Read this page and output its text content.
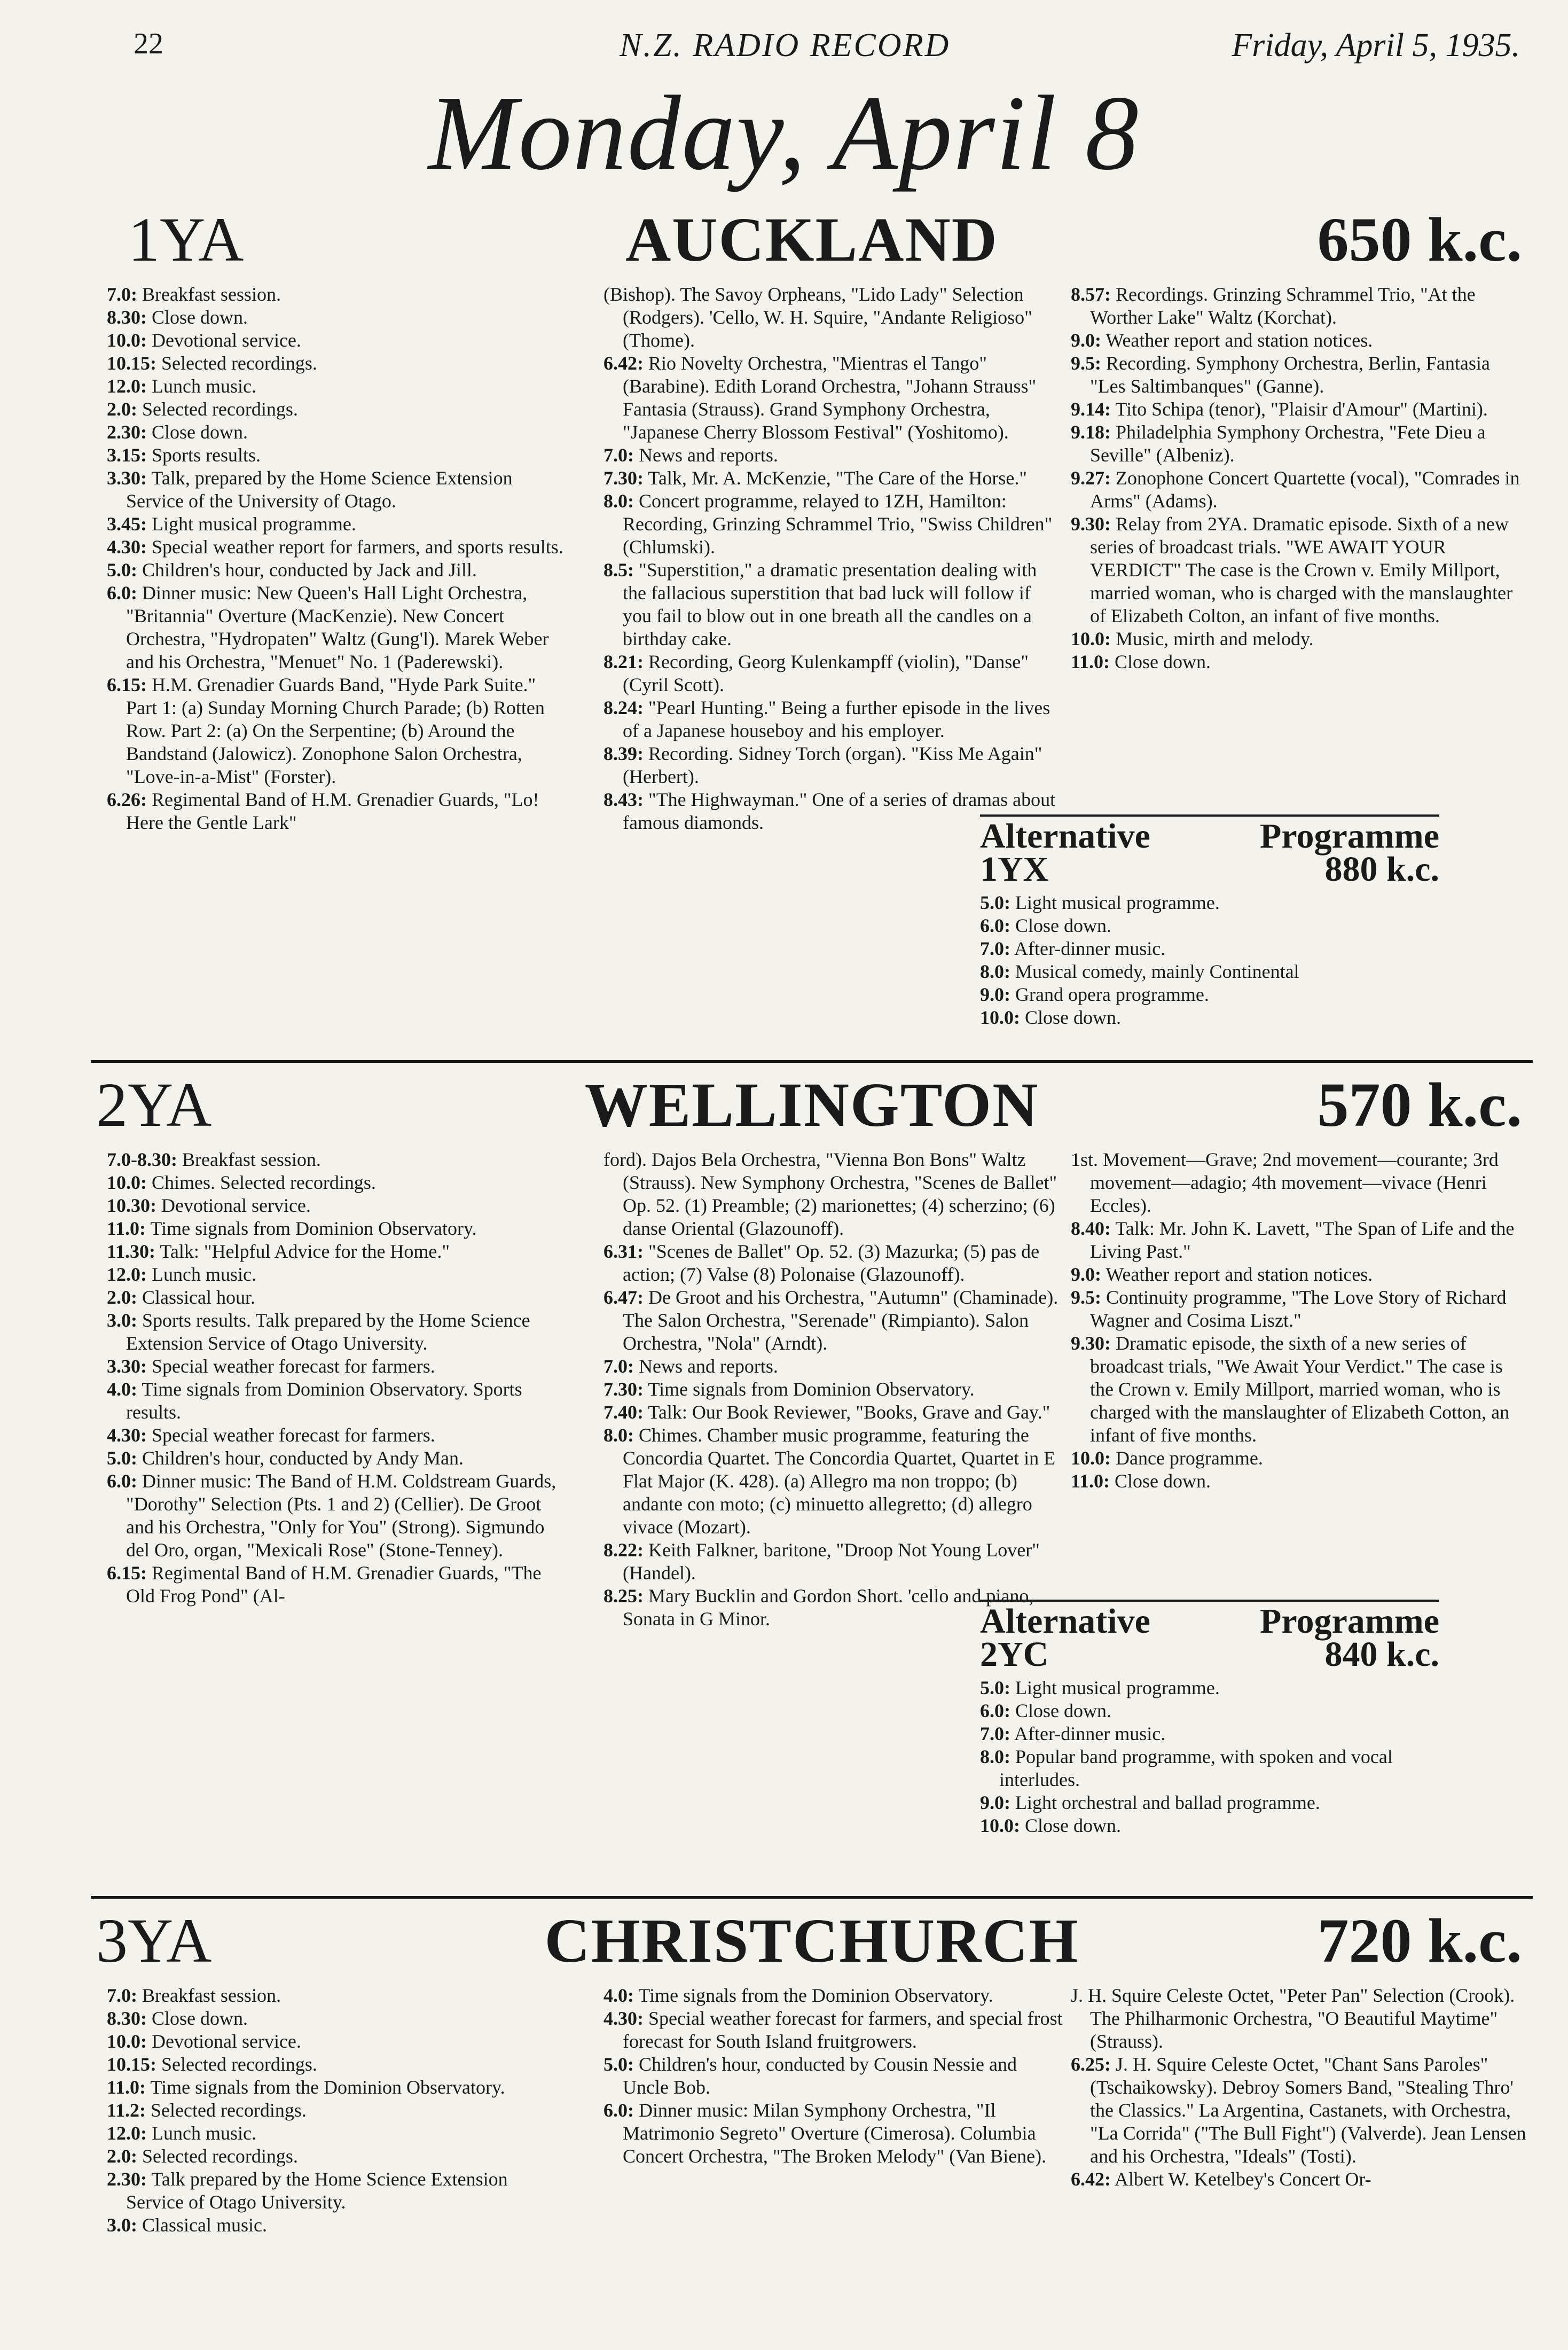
22	N.Z. RADIO RECORD	Friday, April 5, 1935.
Monday, April 8
1YA	AUCKLAND	650 k.c.

7.0: Breakfast session.

8.30: Close down.

10.0: Devotional service.

10.15: Selected recordings.

12.0: Lunch music.

2.0: Selected recordings.

2.30: Close down.

3.15: Sports results.

3.30: Talk, prepared by the Home Science Extension Service of the University of Otago.

3.45: Light musical programme.

4.30: Special weather report for farmers, and sports results.

5.0: Children's hour, conducted by Jack and Jill.

6.0: Dinner music: New Queen's Hall Light Orchestra, "Britannia" Overture (MacKenzie). New Concert Orchestra, "Hydropaten" Waltz (Gung'l). Marek Weber and his Orchestra, "Menuet" No. 1 (Paderewski).

6.15: H.M. Grenadier Guards Band, "Hyde Park Suite." Part 1: (a) Sunday Morning Church Parade; (b) Rotten Row. Part 2: (a) On the Serpentine; (b) Around the Bandstand (Jalowicz). Zonophone Salon Orchestra, "Love-in-a-Mist" (Forster).

6.26: Regimental Band of H.M. Grenadier Guards, "Lo! Here the Gentle Lark"

(Bishop). The Savoy Orpheans, "Lido Lady" Selection (Rodgers). 'Cello, W. H. Squire, "Andante Religioso" (Thome).

6.42: Rio Novelty Orchestra, "Mientras el Tango" (Barabine). Edith Lorand Orchestra, "Johann Strauss" Fantasia (Strauss). Grand Symphony Orchestra, "Japanese Cherry Blossom Festival" (Yoshitomo).

7.0: News and reports.

7.30: Talk, Mr. A. McKenzie, "The Care of the Horse."

8.0: Concert programme, relayed to 1ZH, Hamilton: Recording, Grinzing Schrammel Trio, "Swiss Children" (Chlumski).

8.5: "Superstition," a dramatic presentation dealing with the fallacious superstition that bad luck will follow if you fail to blow out in one breath all the candles on a birthday cake.

8.21: Recording, Georg Kulenkampff (violin), "Danse" (Cyril Scott).

8.24: "Pearl Hunting." Being a further episode in the lives of a Japanese houseboy and his employer.

8.39: Recording. Sidney Torch (organ). "Kiss Me Again" (Herbert).

8.43: "The Highwayman." One of a series of dramas about famous diamonds.

8.57: Recordings. Grinzing Schrammel Trio, "At the Worther Lake" Waltz (Korchat).

9.0: Weather report and station notices.

9.5: Recording. Symphony Orchestra, Berlin, Fantasia "Les Saltimbanques" (Ganne).

9.14: Tito Schipa (tenor), "Plaisir d'Amour" (Martini).

9.18: Philadelphia Symphony Orchestra, "Fete Dieu a Seville" (Albeniz).

9.27: Zonophone Concert Quartette (vocal), "Comrades in Arms" (Adams).

9.30: Relay from 2YA. Dramatic episode. Sixth of a new series of broadcast trials. "WE AWAIT YOUR VERDICT" The case is the Crown v. Emily Millport, married woman, who is charged with the manslaughter of Elizabeth Colton, an infant of five months.

10.0: Music, mirth and melody.

11.0: Close down.

Alternative
1YX
Programme
880 k.c.

5.0: Light musical programme.

6.0: Close down.

7.0: After-dinner music.

8.0: Musical comedy, mainly Continental

9.0: Grand opera programme.

10.0: Close down.

2YA	WELLINGTON	570 k.c.

7.0-8.30: Breakfast session.

10.0: Chimes. Selected recordings.

10.30: Devotional service.

11.0: Time signals from Dominion Observatory.

11.30: Talk: "Helpful Advice for the Home."

12.0: Lunch music.

2.0: Classical hour.

3.0: Sports results. Talk prepared by the Home Science Extension Service of Otago University.

3.30: Special weather forecast for farmers.

4.0: Time signals from Dominion Observatory. Sports results.

4.30: Special weather forecast for farmers.

5.0: Children's hour, conducted by Andy Man.

6.0: Dinner music: The Band of H.M. Coldstream Guards, "Dorothy" Selection (Pts. 1 and 2) (Cellier). De Groot and his Orchestra, "Only for You" (Strong). Sigmundo del Oro, organ, "Mexicali Rose" (Stone-Tenney).

6.15: Regimental Band of H.M. Grenadier Guards, "The Old Frog Pond" (Al-

ford). Dajos Bela Orchestra, "Vienna Bon Bons" Waltz (Strauss). New Symphony Orchestra, "Scenes de Ballet" Op. 52. (1) Preamble; (2) marionettes; (4) scherzino; (6) danse Oriental (Glazounoff).

6.31: "Scenes de Ballet" Op. 52. (3) Mazurka; (5) pas de action; (7) Valse (8) Polonaise (Glazounoff).

6.47: De Groot and his Orchestra, "Autumn" (Chaminade). The Salon Orchestra, "Serenade" (Rimpianto). Salon Orchestra, "Nola" (Arndt).

7.0: News and reports.

7.30: Time signals from Dominion Observatory.

7.40: Talk: Our Book Reviewer, "Books, Grave and Gay."

8.0: Chimes. Chamber music programme, featuring the Concordia Quartet. The Concordia Quartet, Quartet in E Flat Major (K. 428). (a) Allegro ma non troppo; (b) andante con moto; (c) minuetto allegretto; (d) allegro vivace (Mozart).

8.22: Keith Falkner, baritone, "Droop Not Young Lover" (Handel).

8.25: Mary Bucklin and Gordon Short. 'cello and piano, Sonata in G Minor.

1st. Movement—Grave; 2nd movement—courante; 3rd movement—adagio; 4th movement—vivace (Henri Eccles).

8.40: Talk: Mr. John K. Lavett, "The Span of Life and the Living Past."

9.0: Weather report and station notices.

9.5: Continuity programme, "The Love Story of Richard Wagner and Cosima Liszt."

9.30: Dramatic episode, the sixth of a new series of broadcast trials, "We Await Your Verdict." The case is the Crown v. Emily Millport, married woman, who is charged with the manslaughter of Elizabeth Cotton, an infant of five months.

10.0: Dance programme.

11.0: Close down.

Alternative
2YC
Programme
840 k.c.

5.0: Light musical programme.

6.0: Close down.

7.0: After-dinner music.

8.0: Popular band programme, with spoken and vocal interludes.

9.0: Light orchestral and ballad programme.

10.0: Close down.

3YA	CHRISTCHURCH	720 k.c.

7.0: Breakfast session.

8.30: Close down.

10.0: Devotional service.

10.15: Selected recordings.

11.0: Time signals from the Dominion Observatory.

11.2: Selected recordings.

12.0: Lunch music.

2.0: Selected recordings.

2.30: Talk prepared by the Home Science Extension Service of Otago University.

3.0: Classical music.

4.0: Time signals from the Dominion Observatory.

4.30: Special weather forecast for farmers, and special frost forecast for South Island fruitgrowers.

5.0: Children's hour, conducted by Cousin Nessie and Uncle Bob.

6.0: Dinner music: Milan Symphony Orchestra, "Il Matrimonio Segreto" Overture (Cimerosa). Columbia Concert Orchestra, "The Broken Melody" (Van Biene).

J. H. Squire Celeste Octet, "Peter Pan" Selection (Crook). The Philharmonic Orchestra, "O Beautiful Maytime" (Strauss).

6.25: J. H. Squire Celeste Octet, "Chant Sans Paroles" (Tschaikowsky). Debroy Somers Band, "Stealing Thro' the Classics." La Argentina, Castanets, with Orchestra, "La Corrida" ("The Bull Fight") (Valverde). Jean Lensen and his Orchestra, "Ideals" (Tosti).

6.42: Albert W. Ketelbey's Concert Or-
